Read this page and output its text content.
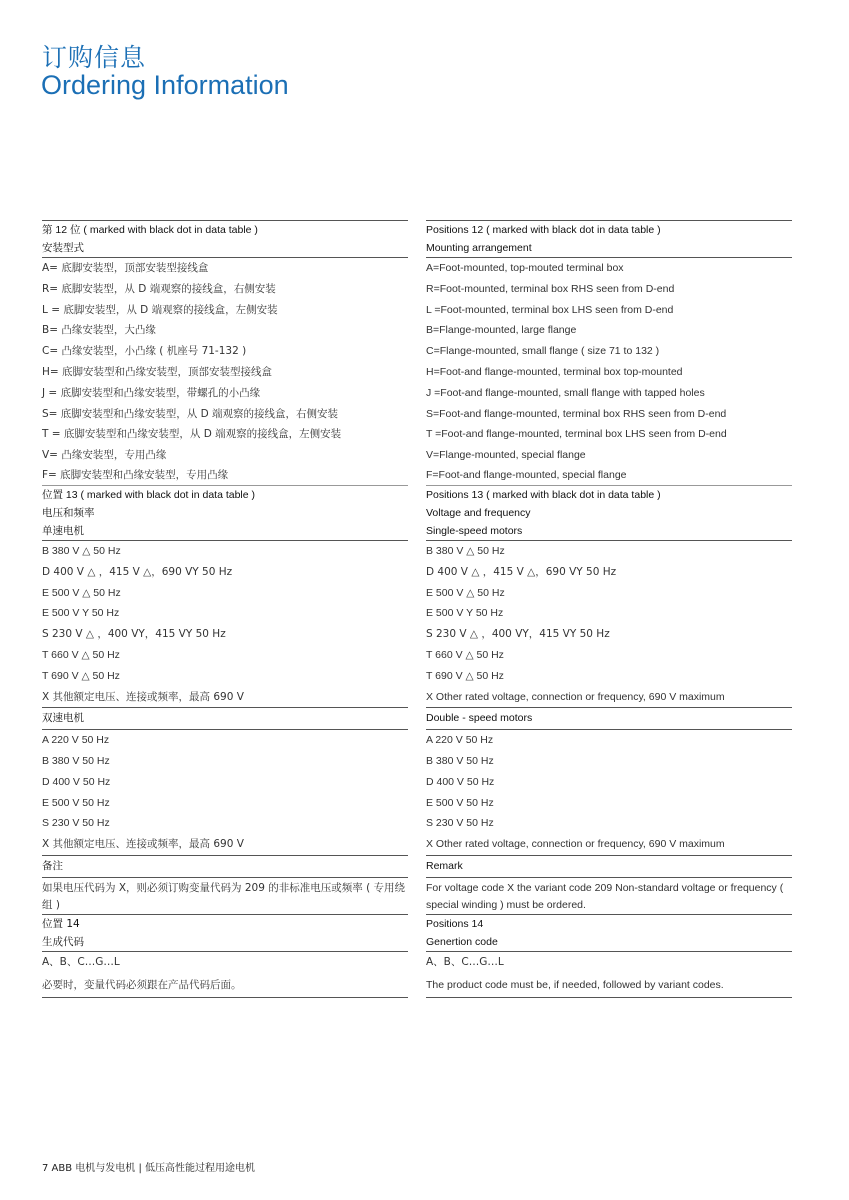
订购信息
Ordering Information
第 12 位 ( marked with black dot in data table )
安装型式
A= 底脚安装型，顶部安装型接线盒
R= 底脚安装型，从 D 端观察的接线盒，右侧安装
L = 底脚安装型，从 D 端观察的接线盒，左侧安装
B= 凸缘安装型，大凸缘
C= 凸缘安装型，小凸缘 ( 机座号 71-132 )
H= 底脚安装型和凸缘安装型，顶部安装型接线盒
J = 底脚安装型和凸缘安装型，带螺孔的小凸缘
S= 底脚安装型和凸缘安装型，从 D 端观察的接线盒，右侧安装
T = 底脚安装型和凸缘安装型，从 D 端观察的接线盒，左侧安装
V= 凸缘安装型，专用凸缘
F= 底脚安装型和凸缘安装型，专用凸缘
位置 13 ( marked with black dot in data table )
电压和频率
单速电机
B 380 V △ 50 Hz
D 400 V △ ，415 V △，690 VY 50 Hz
E 500 V △ 50 Hz
E 500 V Y 50 Hz
S 230 V △ ，400 VY，415 VY 50 Hz
T 660 V △ 50 Hz
T 690 V △ 50 Hz
X 其他额定电压、连接或频率，最高 690 V
双速电机
A 220 V 50 Hz
B 380 V 50 Hz
D 400 V 50 Hz
E 500 V 50 Hz
S 230 V 50 Hz
X 其他额定电压、连接或频率，最高 690 V
备注
如果电压代码为 X，则必须订购变量代码为 209 的非标准电压或频率 ( 专用绕组 )
位置 14
生成代码
A、B、C…G…L
必要时，变量代码必须跟在产品代码后面。
Positions 12 ( marked with black dot in data table )
Mounting arrangement
A=Foot-mounted, top-mouted terminal box
R=Foot-mounted, terminal box RHS seen from D-end
L =Foot-mounted, terminal box LHS seen from D-end
B=Flange-mounted, large flange
C=Flange-mounted, small flange ( size 71 to 132 )
H=Foot-and flange-mounted, terminal box top-mounted
J =Foot-and flange-mounted, small flange with tapped holes
S=Foot-and flange-mounted, terminal box RHS seen from D-end
T =Foot-and flange-mounted, terminal box LHS seen from D-end
V=Flange-mounted, special flange
F=Foot-and flange-mounted, special flange
Positions 13 ( marked with black dot in data table )
Voltage and frequency
Single-speed motors
B 380 V △ 50 Hz
D 400 V △ ，415 V △，690 VY 50 Hz
E 500 V △ 50 Hz
E 500 V Y 50 Hz
S 230 V △ ，400 VY，415 VY 50 Hz
T 660 V △ 50 Hz
T 690 V △ 50 Hz
X Other rated voltage, connection or frequency, 690 V maximum
Double - speed motors
A 220 V 50 Hz
B 380 V 50 Hz
D 400 V 50 Hz
E 500 V 50 Hz
S 230 V 50 Hz
X Other rated voltage, connection or frequency, 690 V maximum
Remark
For voltage code X the variant code 209 Non-standard voltage or frequency ( special winding ) must be ordered.
Positions 14
Genertion code
A、B、C…G…L
The product code must be, if needed, followed by variant codes.
7 ABB 电机与发电机 | 低压高性能过程用途电机
